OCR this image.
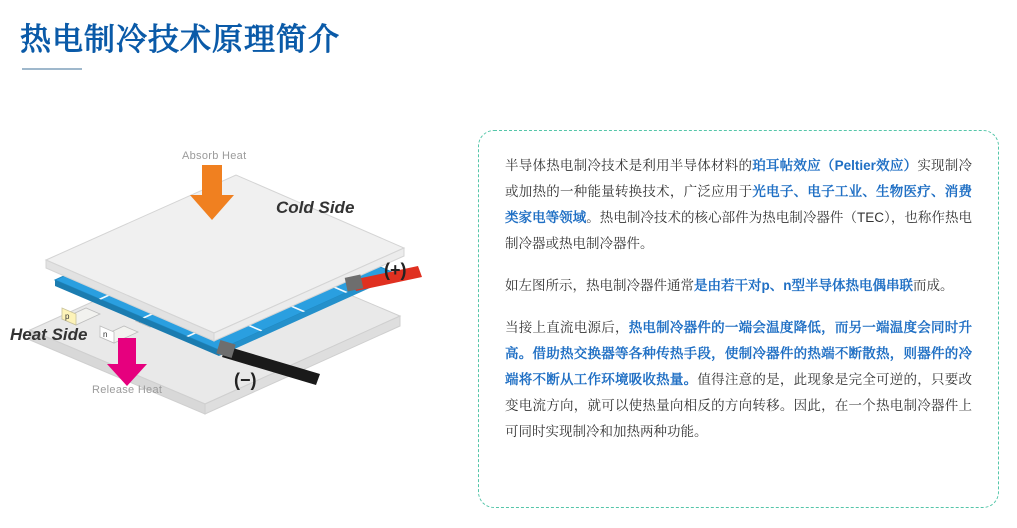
热电制冷技术原理简介
p
n
Absorb Heat
Release Heat
Cold Side
Heat Side
(+)
(−)

半导体热电制冷技术是利用半导体材料的珀耳帖效应（Peltier效应）实现制冷或加热的一种能量转换技术，广泛应用于光电子、电子工业、生物医疗、消费类家电等领域。热电制冷技术的核心部件为热电制冷器件（TEC），也称作热电制冷器或热电制冷器件。

如左图所示，热电制冷器件通常是由若干对p、n型半导体热电偶串联而成。

当接上直流电源后，热电制冷器件的一端会温度降低，而另一端温度会同时升高。借助热交换器等各种传热手段，使制冷器件的热端不断散热，则器件的冷端将不断从工作环境吸收热量。值得注意的是，此现象是完全可逆的，只要改变电流方向，就可以使热量向相反的方向转移。因此，在一个热电制冷器件上可同时实现制冷和加热两种功能。
